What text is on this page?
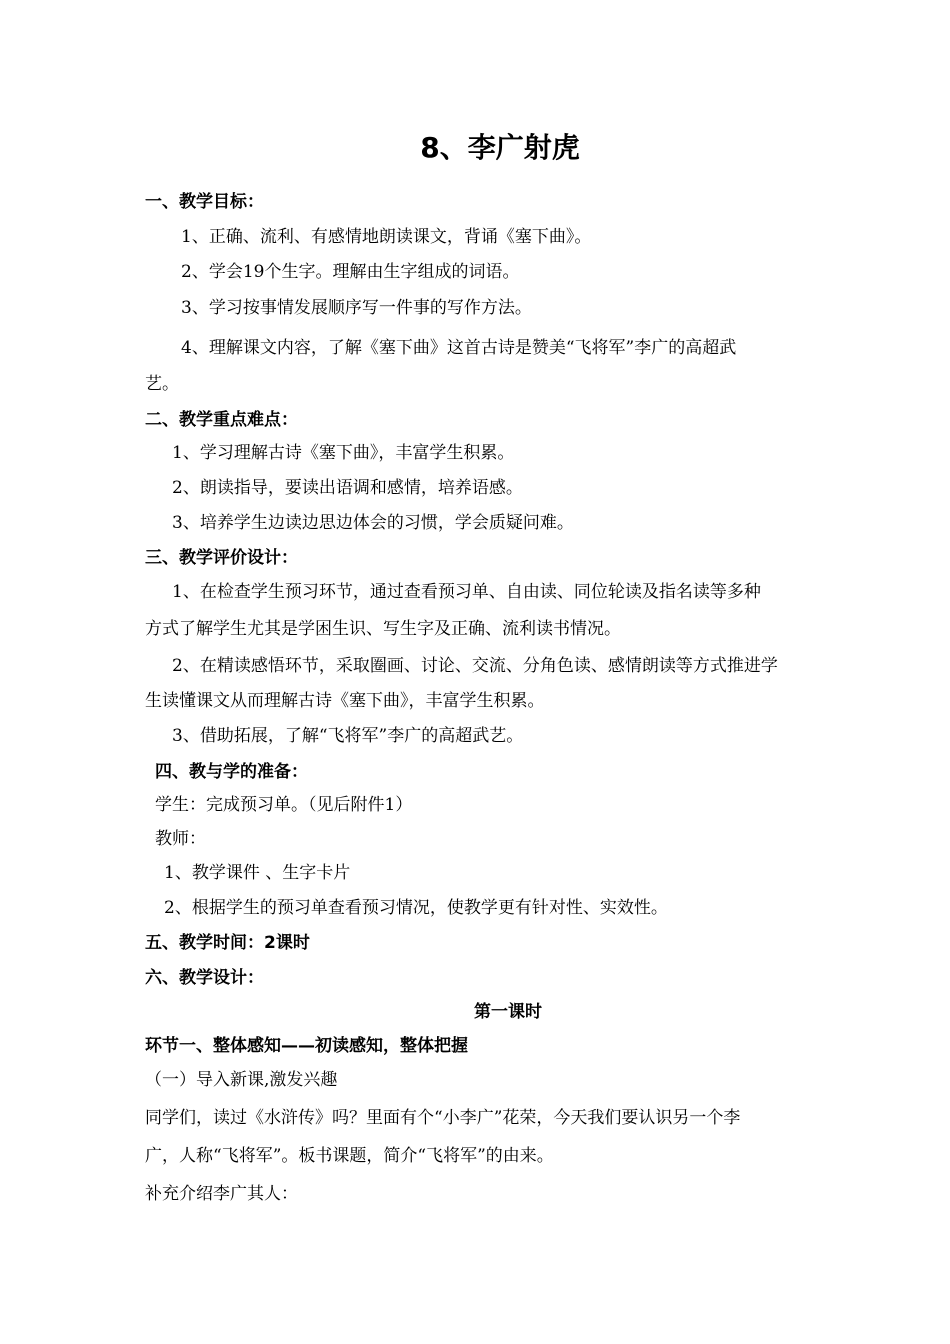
8、李广射虎
一、教学目标：
1、正确、流利、有感情地朗读课文，背诵《塞下曲》。
2、学会19个生字。理解由生字组成的词语。
3、学习按事情发展顺序写一件事的写作方法。
4、理解课文内容，了解《塞下曲》这首古诗是赞美“飞将军”李广的高超武
艺。
二、教学重点难点：
1、学习理解古诗《塞下曲》，丰富学生积累。
2、朗读指导，要读出语调和感情，培养语感。
3、培养学生边读边思边体会的习惯，学会质疑问难。
三、教学评价设计：
1、在检查学生预习环节，通过查看预习单、自由读、同位轮读及指名读等多种
方式了解学生尤其是学困生识、写生字及正确、流利读书情况。
2、在精读感悟环节，采取圈画、讨论、交流、分角色读、感情朗读等方式推进学
生读懂课文从而理解古诗《塞下曲》，丰富学生积累。
3、借助拓展，了解“飞将军”李广的高超武艺。
四、教与学的准备：
学生：完成预习单。（见后附件1）
教师：
1、教学课件 、生字卡片
2、根据学生的预习单查看预习情况，使教学更有针对性、实效性。
五、教学时间：2课时
六、教学设计：
第一课时
环节一、整体感知——初读感知，整体把握
（一）导入新课,激发兴趣
同学们，读过《水浒传》吗？里面有个“小李广”花荣，今天我们要认识另一个李
广，人称“飞将军”。板书课题，简介“飞将军”的由来。
补充介绍李广其人：
